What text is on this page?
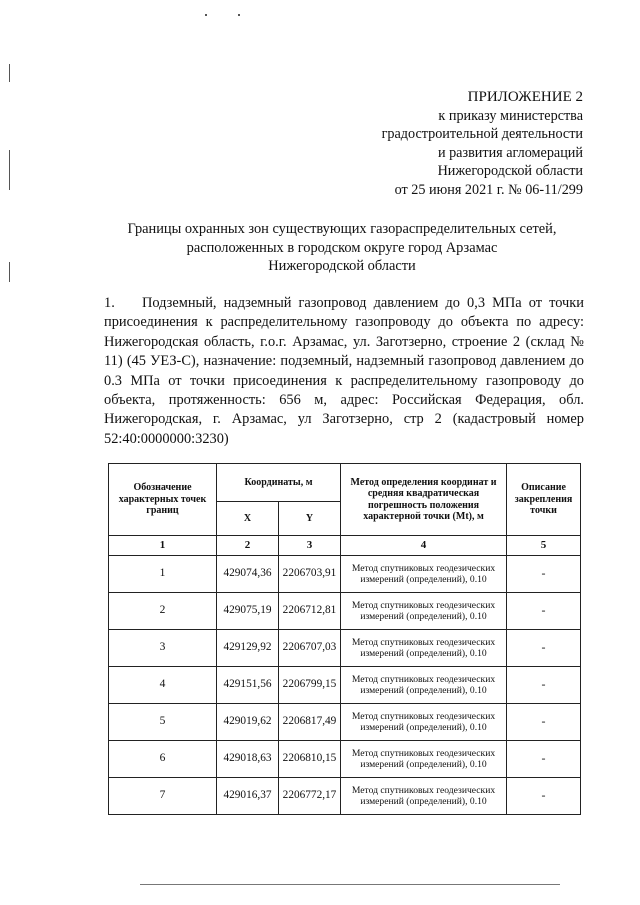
ПРИЛОЖЕНИЕ 2
к приказу министерства
градостроительной деятельности
и развития агломераций
Нижегородской области
от 25 июня 2021 г. № 06-11/299
Границы охранных зон существующих газораспределительных сетей,
расположенных в городском округе город Арзамас
Нижегородской области
1. Подземный, надземный газопровод давлением до 0,3 МПа от точки присоединения к распределительному газопроводу до объекта по адресу: Нижегородская область, г.о.г. Арзамас, ул. Заготзерно, строение 2 (склад № 11) (45 УЕЗ-С), назначение: подземный, надземный газопровод давлением до 0.3 МПа от точки присоединения к распределительному газопроводу до объекта, протяженность: 656 м, адрес: Российская Федерация, обл. Нижегородская, г. Арзамас, ул Заготзерно, стр 2 (кадастровый номер 52:40:0000000:3230)
Обозначение характерных точек границ	Координаты, м		Метод определения координат и средняя квадратическая погрешность положения характерной точки (Mt), м	Описание закрепления точки
	X	Y		
1	2	3	4	5
1	429074,36	2206703,91	Метод спутниковых геодезических измерений (определений), 0.10	-
2	429075,19	2206712,81	Метод спутниковых геодезических измерений (определений), 0.10	-
3	429129,92	2206707,03	Метод спутниковых геодезических измерений (определений), 0.10	-
4	429151,56	2206799,15	Метод спутниковых геодезических измерений (определений), 0.10	-
5	429019,62	2206817,49	Метод спутниковых геодезических измерений (определений), 0.10	-
6	429018,63	2206810,15	Метод спутниковых геодезических измерений (определений), 0.10	-
7	429016,37	2206772,17	Метод спутниковых геодезических измерений (определений), 0.10	-
